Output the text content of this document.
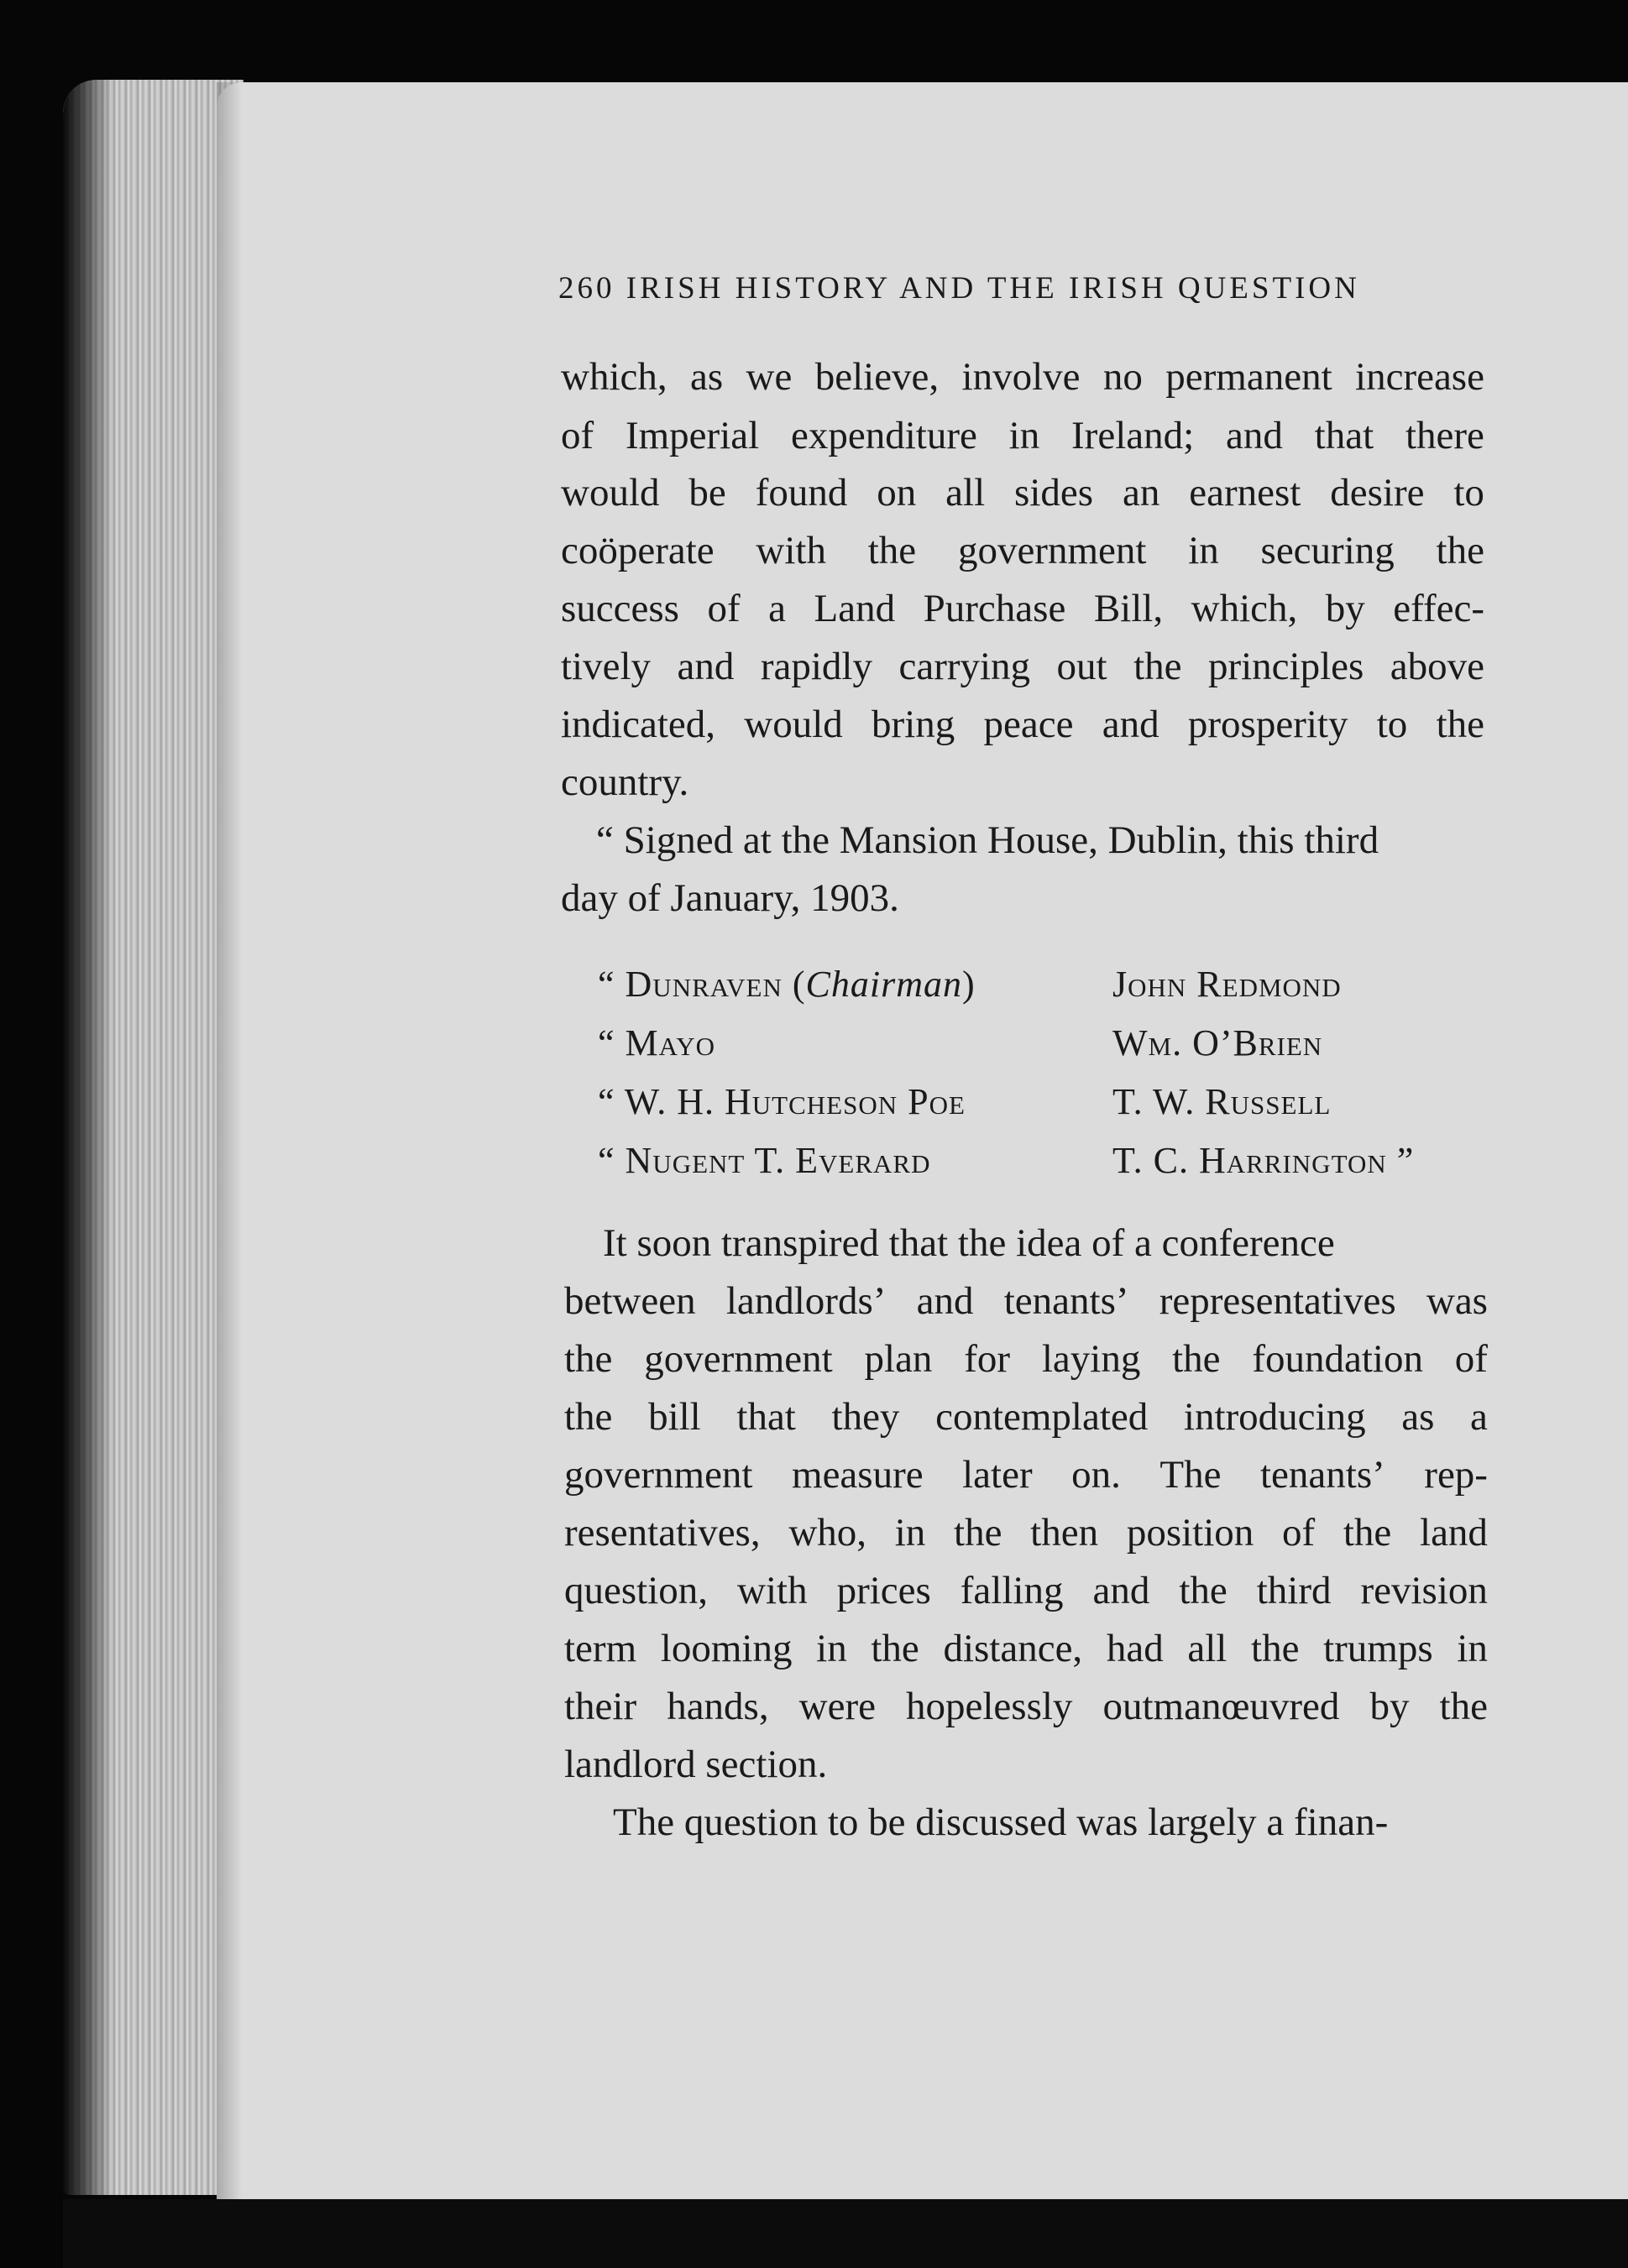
260 IRISH HISTORY AND THE IRISH QUESTION
which, as we believe, involve no permanent increase
of Imperial expenditure in Ireland; and that there
would be found on all sides an earnest desire to
coöperate with the government in securing the
success of a Land Purchase Bill, which, by effec-
tively and rapidly carrying out the principles above
indicated, would bring peace and prosperity to the
country.
“ Signed at the Mansion House, Dublin, this third
day of January, 1903.
“ Dunraven (Chairman)
“ Mayo
“ W. H. Hutcheson Poe
“ Nugent T. Everard
John Redmond
Wm. O’Brien
T. W. Russell
T. C. Harrington ”
It soon transpired that the idea of a conference
between landlords’ and tenants’ representatives was
the government plan for laying the foundation of
the bill that they contemplated introducing as a
government measure later on. The tenants’ rep-
resentatives, who, in the then position of the land
question, with prices falling and the third revision
term looming in the distance, had all the trumps in
their hands, were hopelessly outmanœuvred by the
landlord section.
The question to be discussed was largely a finan-
